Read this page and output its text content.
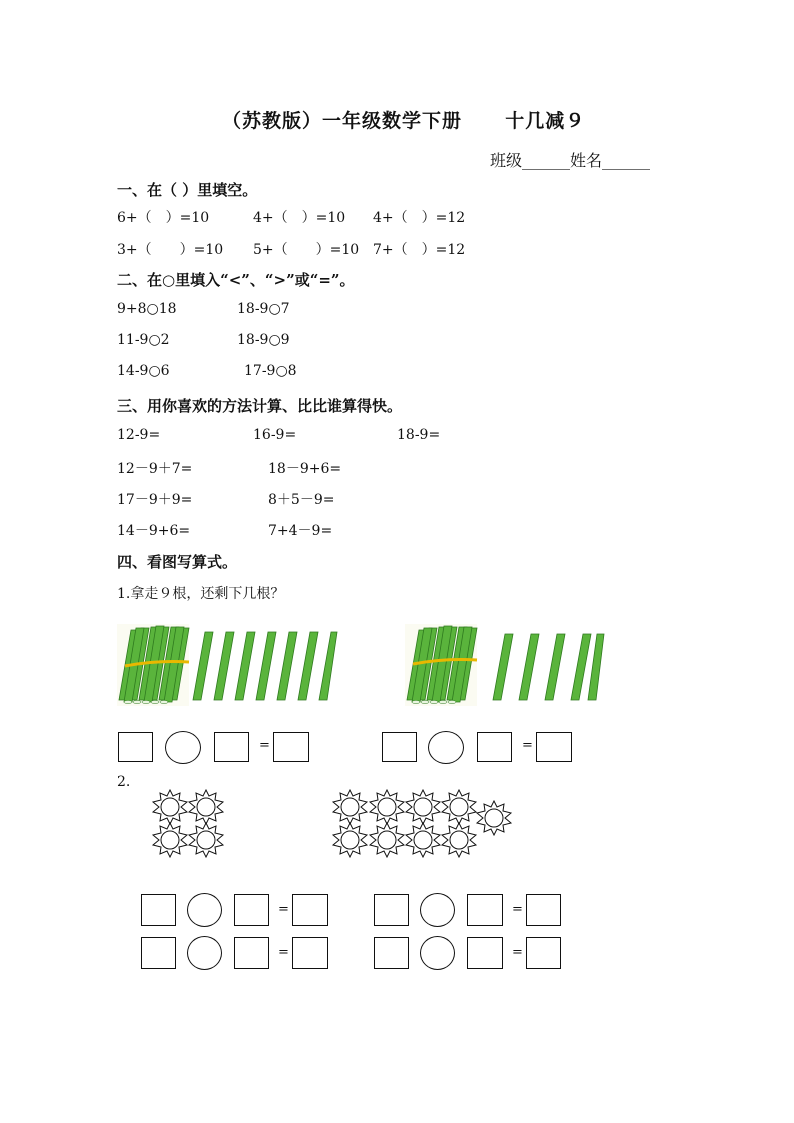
（苏教版）一年级数学下册 十几减９
班级______姓名______
一、在（ ）里填空。
6+（　）=10	4+（　）=10 4+（　）=12
3+（　　）=10 5+（　　）=10 7+（　）=12
二、在○里填入“<”、“>”或“=”。
9+8○18	18-9○7
11-9○2	18-9○9
14-9○6	17-9○8
三、用你喜欢的方法计算、比比谁算得快。
12-9=	16-9=	18-9=
12－9＋7=	18－9+6=
17－9＋9=	8＋5－9=
14－9+6=	7+4－9=
四、看图写算式。
1.拿走９根，还剩下几根？
=	=
2.
=
=
=
=
